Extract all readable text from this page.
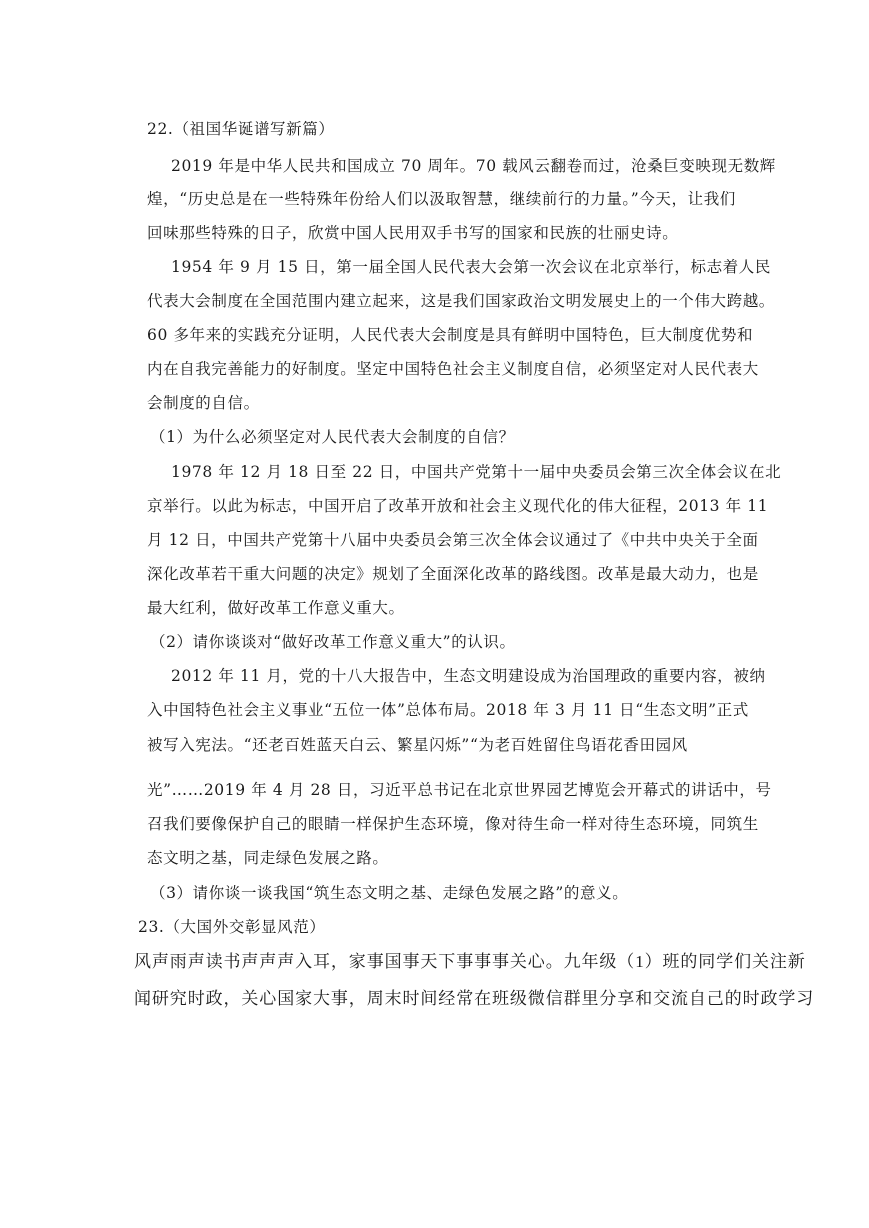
22.（祖国华诞谱写新篇）
2019 年是中华人民共和国成立 70 周年。70 载风云翻卷而过，沧桑巨变映现无数辉
煌，“历史总是在一些特殊年份给人们以汲取智慧，继续前行的力量。”今天，让我们
回味那些特殊的日子，欣赏中国人民用双手书写的国家和民族的壮丽史诗。
1954 年 9 月 15 日，第一届全国人民代表大会第一次会议在北京举行，标志着人民
代表大会制度在全国范围内建立起来，这是我们国家政治文明发展史上的一个伟大跨越。
60 多年来的实践充分证明，人民代表大会制度是具有鲜明中国特色，巨大制度优势和
内在自我完善能力的好制度。坚定中国特色社会主义制度自信，必须坚定对人民代表大
会制度的自信。
（1）为什么必须坚定对人民代表大会制度的自信？
1978 年 12 月 18 日至 22 日，中国共产党第十一届中央委员会第三次全体会议在北
京举行。以此为标志，中国开启了改革开放和社会主义现代化的伟大征程，2013 年 11
月 12 日，中国共产党第十八届中央委员会第三次全体会议通过了《中共中央关于全面
深化改革若干重大问题的决定》规划了全面深化改革的路线图。改革是最大动力，也是
最大红利，做好改革工作意义重大。
（2）请你谈谈对“做好改革工作意义重大”的认识。
2012 年 11 月，党的十八大报告中，生态文明建设成为治国理政的重要内容，被纳
入中国特色社会主义事业“五位一体”总体布局。2018 年 3 月 11 日“生态文明”正式
被写入宪法。“还老百姓蓝天白云、繁星闪烁”“为老百姓留住鸟语花香田园风
光”……2019 年 4 月 28 日，习近平总书记在北京世界园艺博览会开幕式的讲话中，号
召我们要像保护自己的眼睛一样保护生态环境，像对待生命一样对待生态环境，同筑生
态文明之基，同走绿色发展之路。
（3）请你谈一谈我国“筑生态文明之基、走绿色发展之路”的意义。
23.（大国外交彰显风范）
风声雨声读书声声声入耳，家事国事天下事事事关心。九年级（1）班的同学们关注新
闻研究时政，关心国家大事，周末时间经常在班级微信群里分享和交流自己的时政学习
